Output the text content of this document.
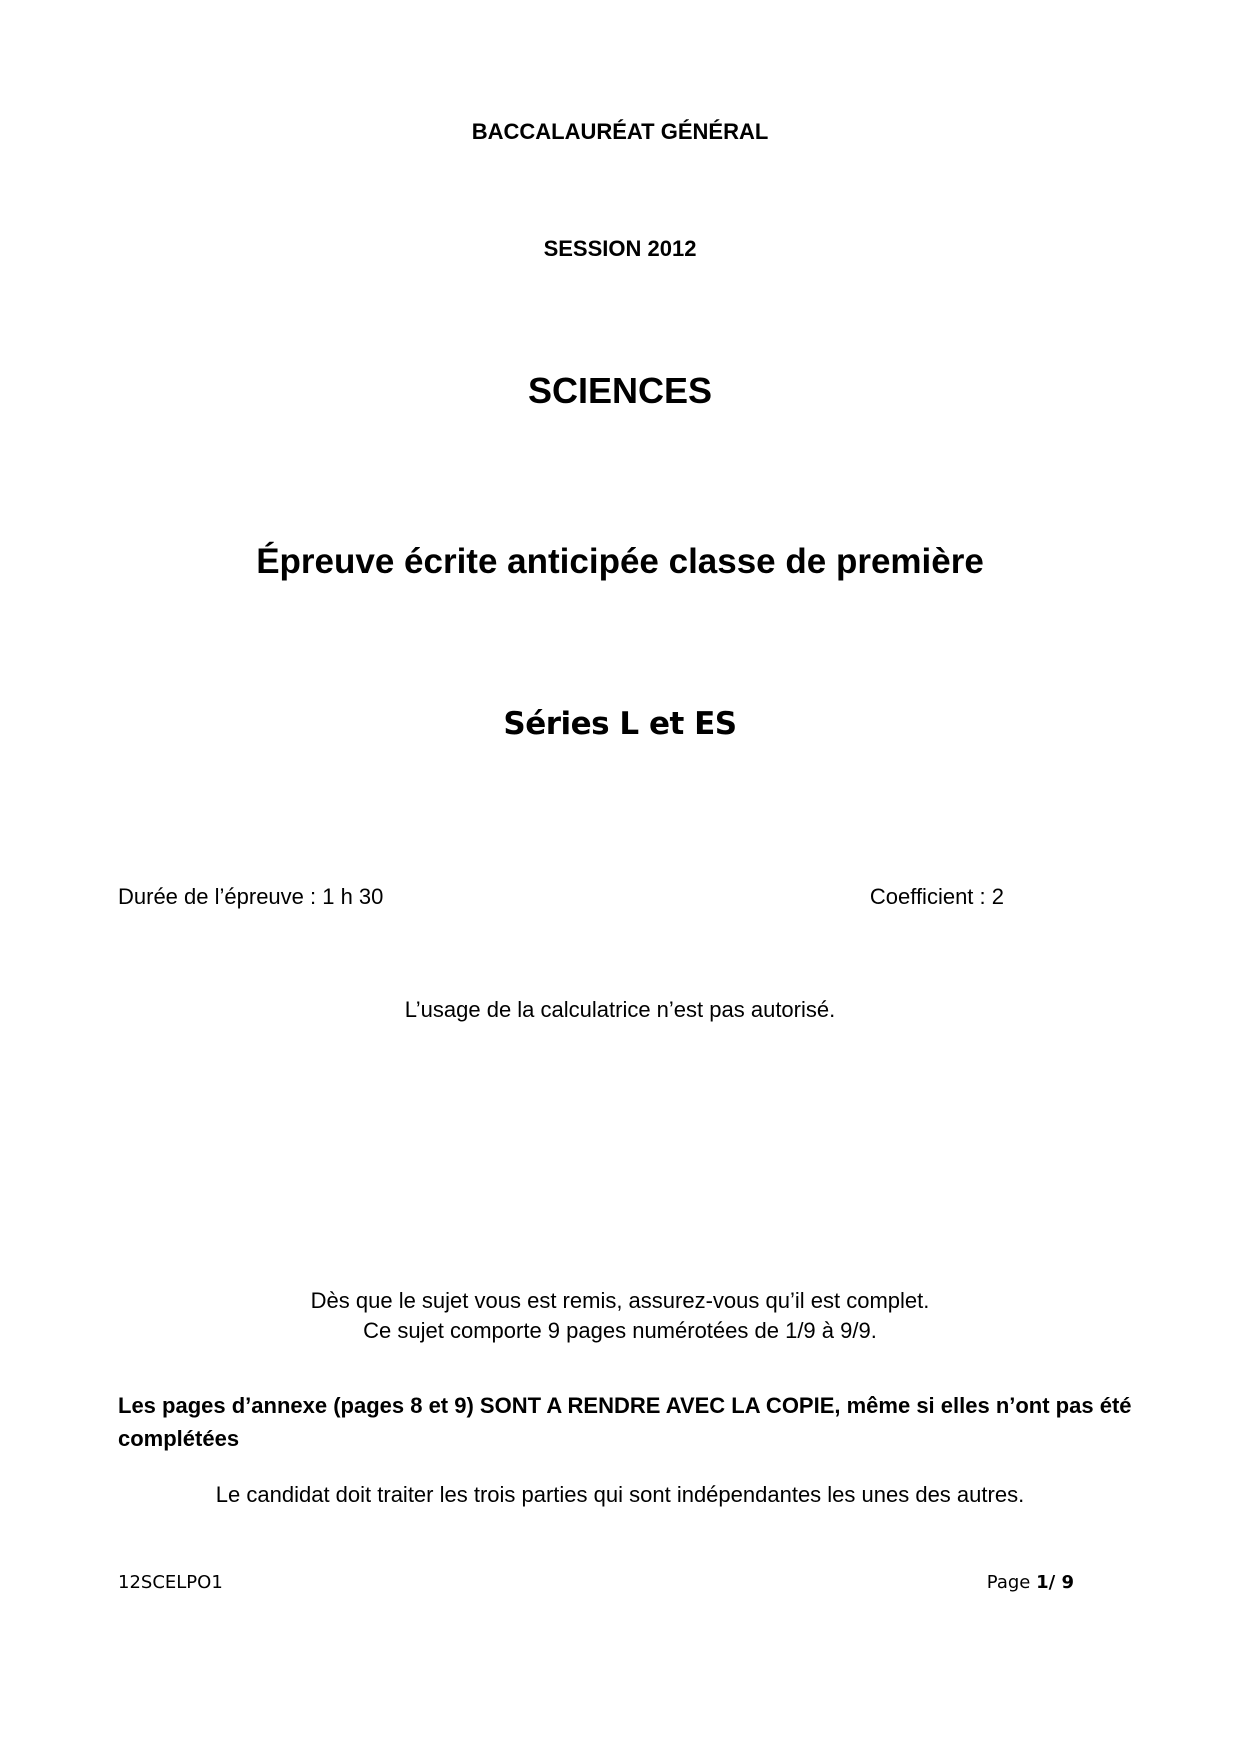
BACCALAURÉAT GÉNÉRAL
SESSION 2012
SCIENCES
Épreuve écrite anticipée classe de première
Séries L et ES
Durée de l’épreuve : 1 h 30	Coefficient : 2
L’usage de la calculatrice n’est pas autorisé.
Dès que le sujet vous est remis, assurez-vous qu’il est complet.
Ce sujet comporte 9 pages numérotées de 1/9 à 9/9.
Les pages d’annexe (pages 8 et 9) SONT A RENDRE AVEC LA COPIE, même si elles n’ont pas été complétées
Le candidat doit traiter les trois parties qui sont indépendantes les unes des autres.
12SCELPO1	Page 1/ 9
